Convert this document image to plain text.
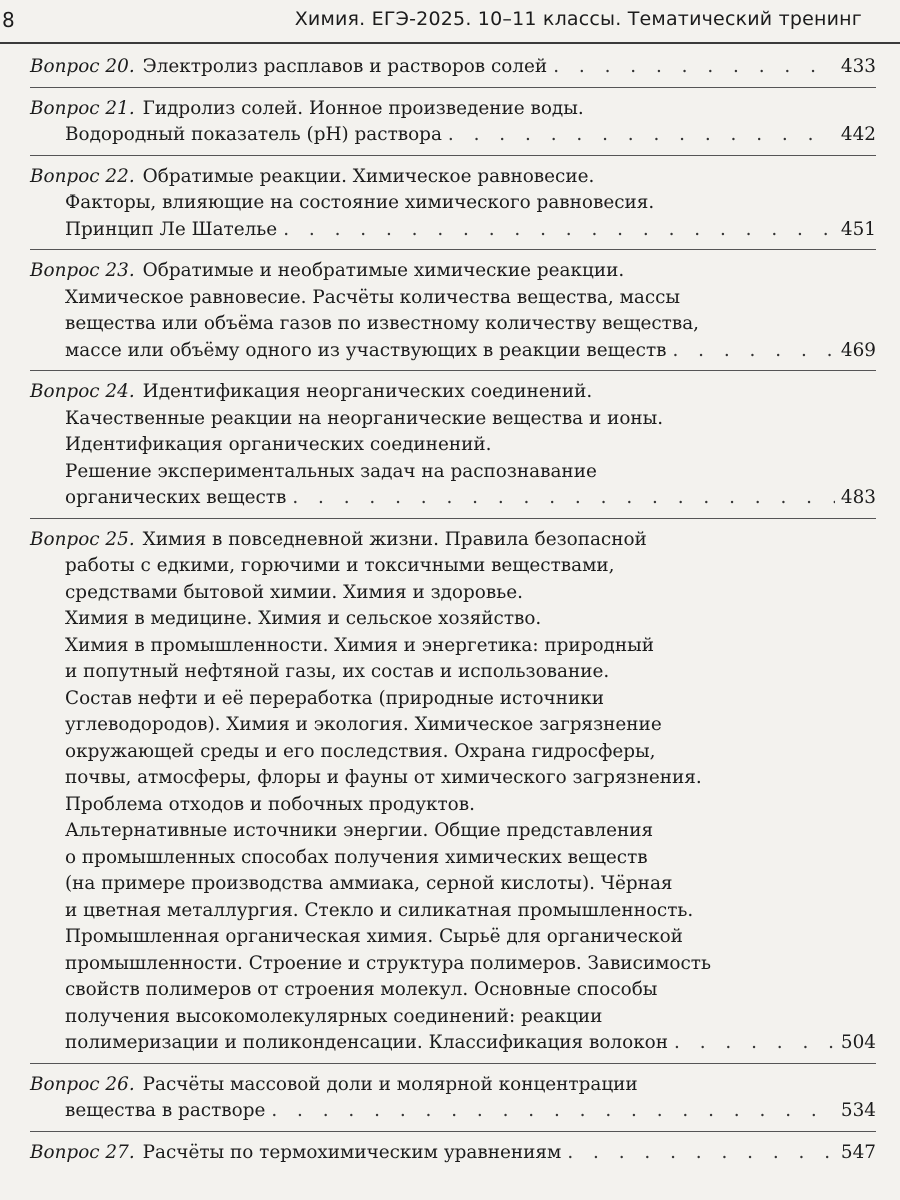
8	Химия. ЕГЭ-2025. 10–11 классы. Тематический тренинг
Вопрос 20. Электролиз расплавов и растворов солей . . .	433
Вопрос 21. Гидролиз солей. Ионное произведение воды.
Водородный показатель (pH) раствора . . .	442
Вопрос 22. Обратимые реакции. Химическое равновесие.
Факторы, влияющие на состояние химического равновесия.
Принцип Ле Шателье . . .	451
Вопрос 23. Обратимые и необратимые химические реакции.
Химическое равновесие. Расчёты количества вещества, массы
вещества или объёма газов по известному количеству вещества,
массе или объёму одного из участвующих в реакции веществ . . .	469
Вопрос 24. Идентификация неорганических соединений.
Качественные реакции на неорганические вещества и ионы.
Идентификация органических соединений.
Решение экспериментальных задач на распознавание
органических веществ . . .	483
Вопрос 25. Химия в повседневной жизни. Правила безопасной
работы с едкими, горючими и токсичными веществами,
средствами бытовой химии. Химия и здоровье.
Химия в медицине. Химия и сельское хозяйство.
Химия в промышленности. Химия и энергетика: природный
и попутный нефтяной газы, их состав и использование.
Состав нефти и её переработка (природные источники
углеводородов). Химия и экология. Химическое загрязнение
окружающей среды и его последствия. Охрана гидросферы,
почвы, атмосферы, флоры и фауны от химического загрязнения.
Проблема отходов и побочных продуктов.
Альтернативные источники энергии. Общие представления
о промышленных способах получения химических веществ
(на примере производства аммиака, серной кислоты). Чёрная
и цветная металлургия. Стекло и силикатная промышленность.
Промышленная органическая химия. Сырьё для органической
промышленности. Строение и структура полимеров. Зависимость
свойств полимеров от строения молекул. Основные способы
получения высокомолекулярных соединений: реакции
полимеризации и поликонденсации. Классификация волокон . . .	504
Вопрос 26. Расчёты массовой доли и молярной концентрации
вещества в растворе . . .	534
Вопрос 27. Расчёты по термохимическим уравнениям . . .	547
